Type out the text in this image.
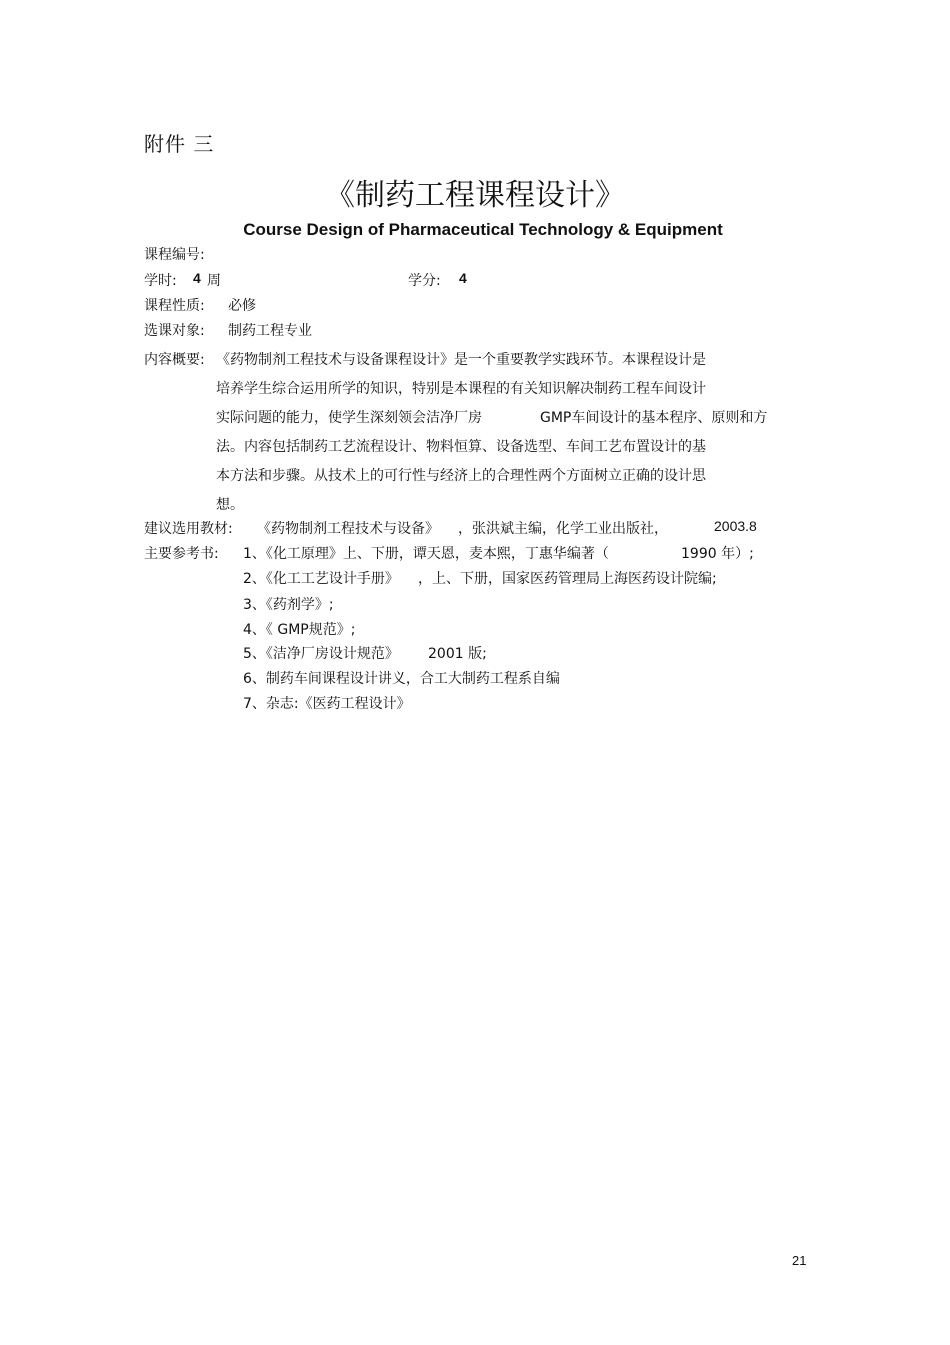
附件 三
《制药工程课程设计》
Course Design of Pharmaceutical Technology & Equipment
课程编号:
学时: 4 周	学分: 4
课程性质: 必修
选课对象: 制药工程专业
内容概要: 《药物制剂工程技术与设备课程设计》是一个重要教学实践环节。本课程设计是
培养学生综合运用所学的知识，特别是本课程的有关知识解决制药工程车间设计
实际问题的能力，使学生深刻领会洁净厂房	GMP车间设计的基本程序、原则和方
法。内容包括制药工艺流程设计、物料恒算、设备选型、车间工艺布置设计的基
本方法和步骤。从技术上的可行性与经济上的合理性两个方面树立正确的设计思
想。
建议选用教材: 《药物制剂工程技术与设备》 ，张洪斌主编，化学工业出版社，	2003.8
主要参考书: 1、《化工原理》上、下册，谭天恩，麦本熙，丁惠华编著（	1990 年）;
2、《化工工艺设计手册》 ，上、下册，国家医药管理局上海医药设计院编;
3、《药剂学》;
4、《 GMP规范》;
5、《洁净厂房设计规范》 2001 版;
6、制药车间课程设计讲义，合工大制药工程系自编
7、杂志:《医药工程设计》
21
